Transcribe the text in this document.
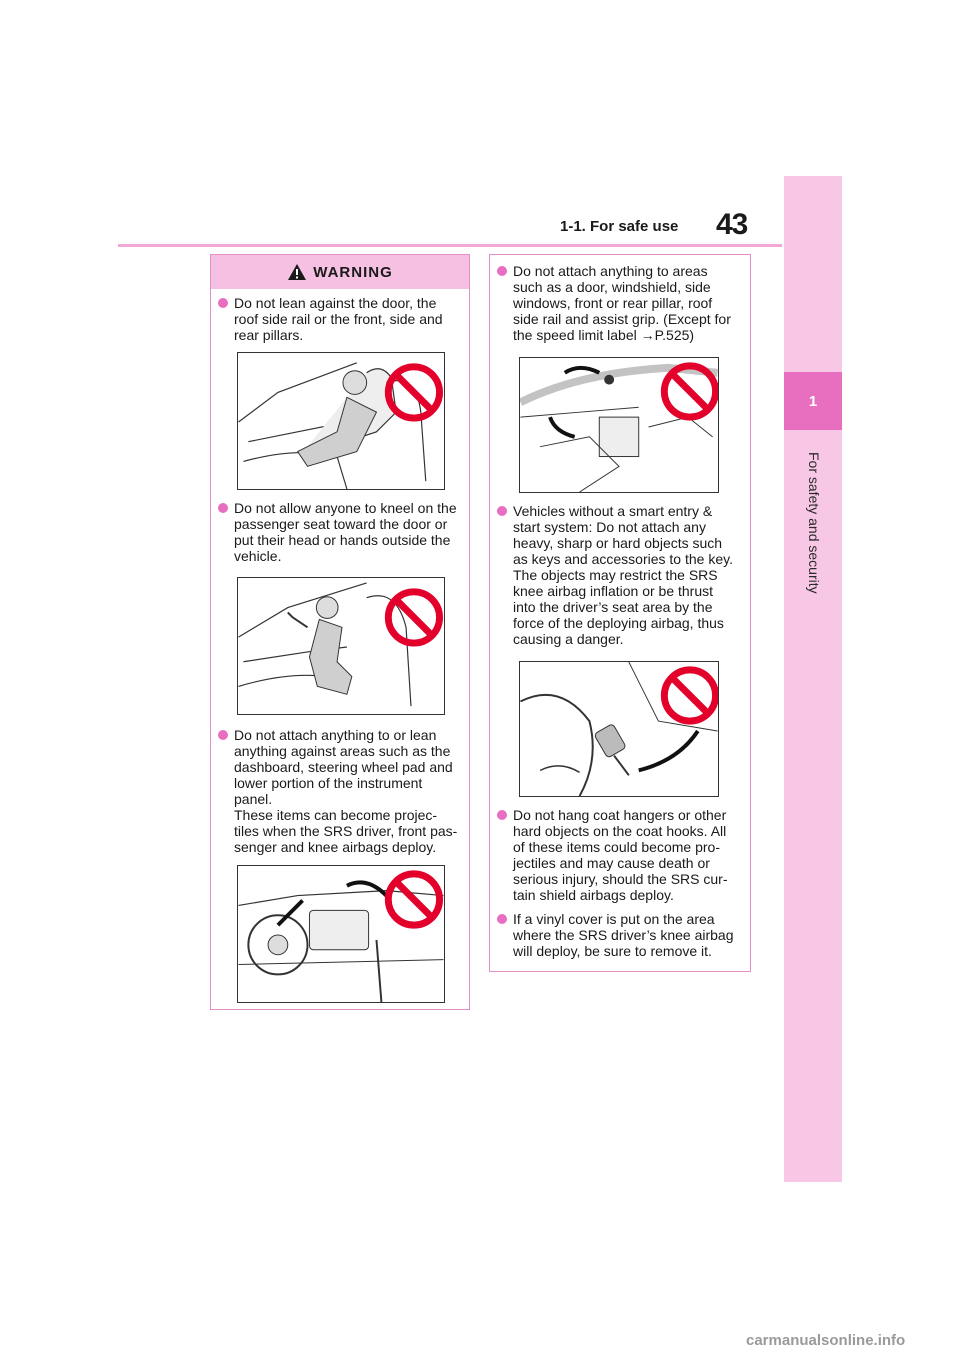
1-1. For safe use 43
1
For safety and security
WARNING
Do not lean against the door, the
roof side rail or the front, side and
rear pillars.
Do not allow anyone to kneel on the
passenger seat toward the door or
put their head or hands outside the
vehicle.
Do not attach anything to or lean
anything against areas such as the
dashboard, steering wheel pad and
lower portion of the instrument
panel.
These items can become projec-
tiles when the SRS driver, front pas-
senger and knee airbags deploy.
Do not attach anything to areas
such as a door, windshield, side
windows, front or rear pillar, roof
side rail and assist grip. (Except for
the speed limit label →P.525)
Vehicles without a smart entry &
start system: Do not attach any
heavy, sharp or hard objects such
as keys and accessories to the key.
The objects may restrict the SRS
knee airbag inflation or be thrust
into the driver’s seat area by the
force of the deploying airbag, thus
causing a danger.
Do not hang coat hangers or other
hard objects on the coat hooks. All
of these items could become pro-
jectiles and may cause death or
serious injury, should the SRS cur-
tain shield airbags deploy.
If a vinyl cover is put on the area
where the SRS driver’s knee airbag
will deploy, be sure to remove it.
carmanualsonline.info
